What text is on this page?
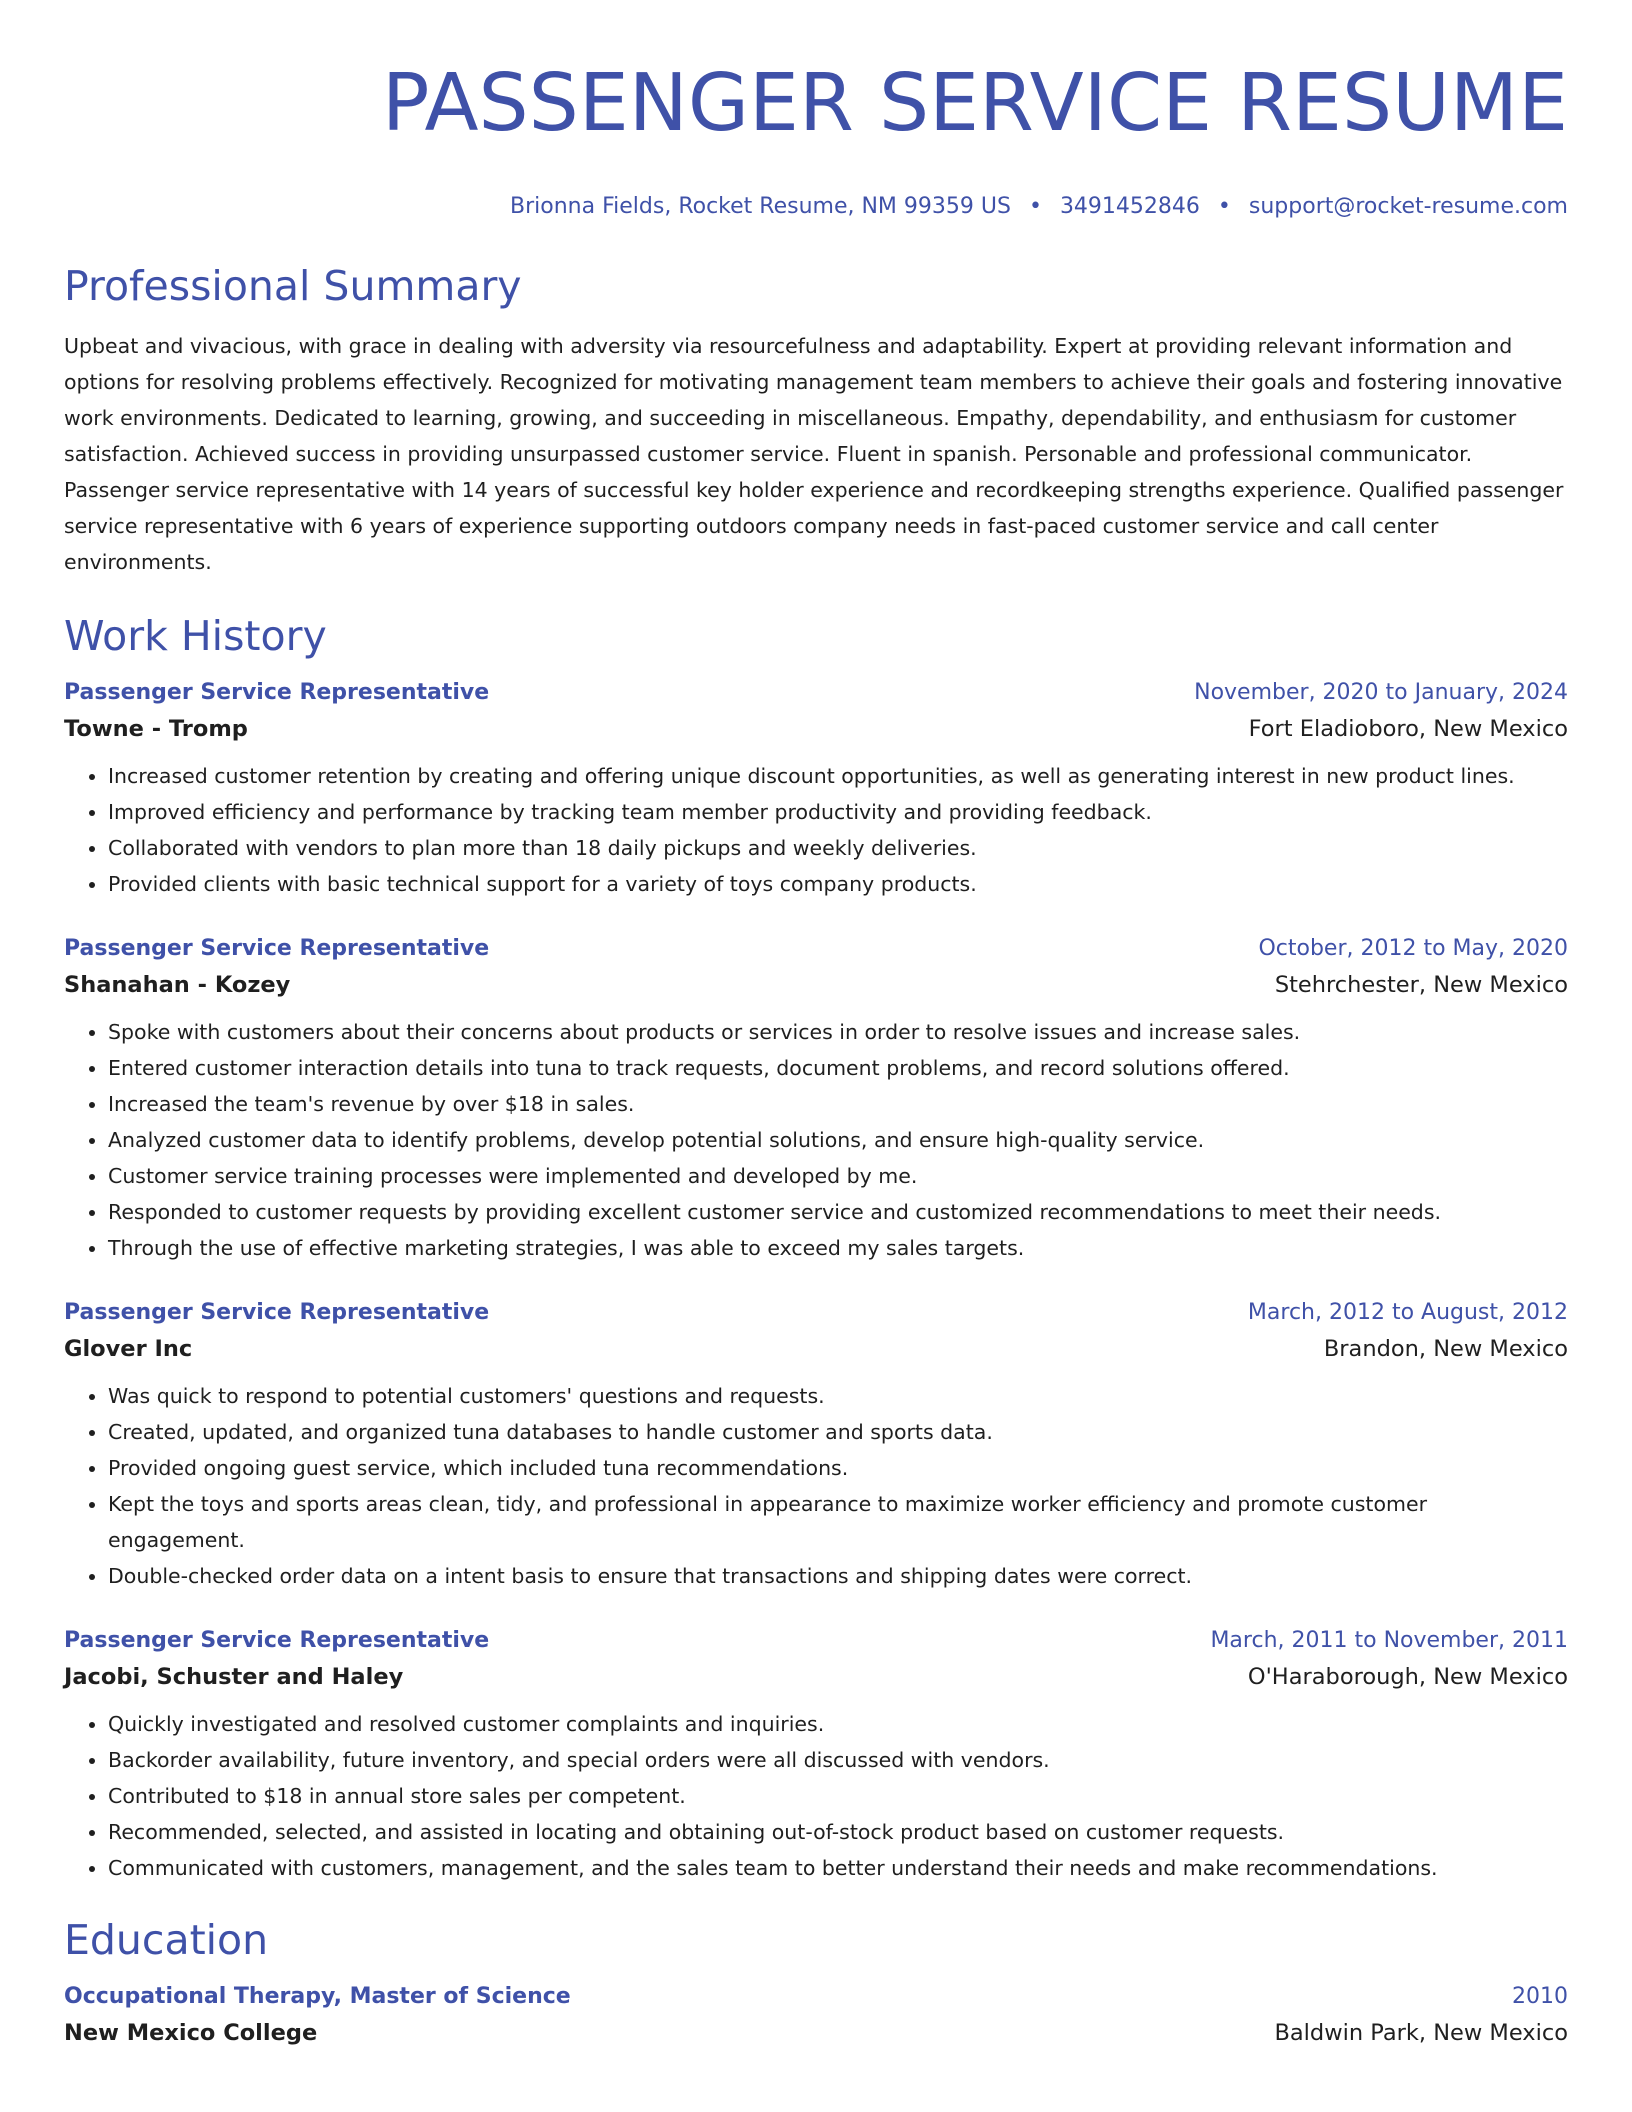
PASSENGER SERVICE RESUME
Brionna Fields, Rocket Resume, NM 99359 US • 3491452846 • support@rocket-resume.com
Professional Summary

Upbeat and vivacious, with grace in dealing with adversity via resourcefulness and adaptability. Expert at providing relevant information and options for resolving problems effectively. Recognized for motivating management team members to achieve their goals and fostering innovative work environments. Dedicated to learning, growing, and succeeding in miscellaneous. Empathy, dependability, and enthusiasm for customer satisfaction. Achieved success in providing unsurpassed customer service. Fluent in spanish. Personable and professional communicator. Passenger service representative with 14 years of successful key holder experience and recordkeeping strengths experience. Qualified passenger service representative with 6 years of experience supporting outdoors company needs in fast-paced customer service and call center environments.

Work History
Passenger Service Representative	November, 2020 to January, 2024
Towne - Tromp	Fort Eladioboro, New Mexico
• Increased customer retention by creating and offering unique discount opportunities, as well as generating interest in new product lines.
• Improved efficiency and performance by tracking team member productivity and providing feedback.
• Collaborated with vendors to plan more than 18 daily pickups and weekly deliveries.
• Provided clients with basic technical support for a variety of toys company products.
Passenger Service Representative	October, 2012 to May, 2020
Shanahan - Kozey	Stehrchester, New Mexico
• Spoke with customers about their concerns about products or services in order to resolve issues and increase sales.
• Entered customer interaction details into tuna to track requests, document problems, and record solutions offered.
• Increased the team's revenue by over $18 in sales.
• Analyzed customer data to identify problems, develop potential solutions, and ensure high-quality service.
• Customer service training processes were implemented and developed by me.
• Responded to customer requests by providing excellent customer service and customized recommendations to meet their needs.
• Through the use of effective marketing strategies, I was able to exceed my sales targets.
Passenger Service Representative	March, 2012 to August, 2012
Glover Inc	Brandon, New Mexico
• Was quick to respond to potential customers' questions and requests.
• Created, updated, and organized tuna databases to handle customer and sports data.
• Provided ongoing guest service, which included tuna recommendations.
• Kept the toys and sports areas clean, tidy, and professional in appearance to maximize worker efficiency and promote customer engagement.
• Double-checked order data on a intent basis to ensure that transactions and shipping dates were correct.
Passenger Service Representative	March, 2011 to November, 2011
Jacobi, Schuster and Haley	O'Haraborough, New Mexico
• Quickly investigated and resolved customer complaints and inquiries.
• Backorder availability, future inventory, and special orders were all discussed with vendors.
• Contributed to $18 in annual store sales per competent.
• Recommended, selected, and assisted in locating and obtaining out-of-stock product based on customer requests.
• Communicated with customers, management, and the sales team to better understand their needs and make recommendations.
Education
Occupational Therapy, Master of Science	2010
New Mexico College	Baldwin Park, New Mexico
